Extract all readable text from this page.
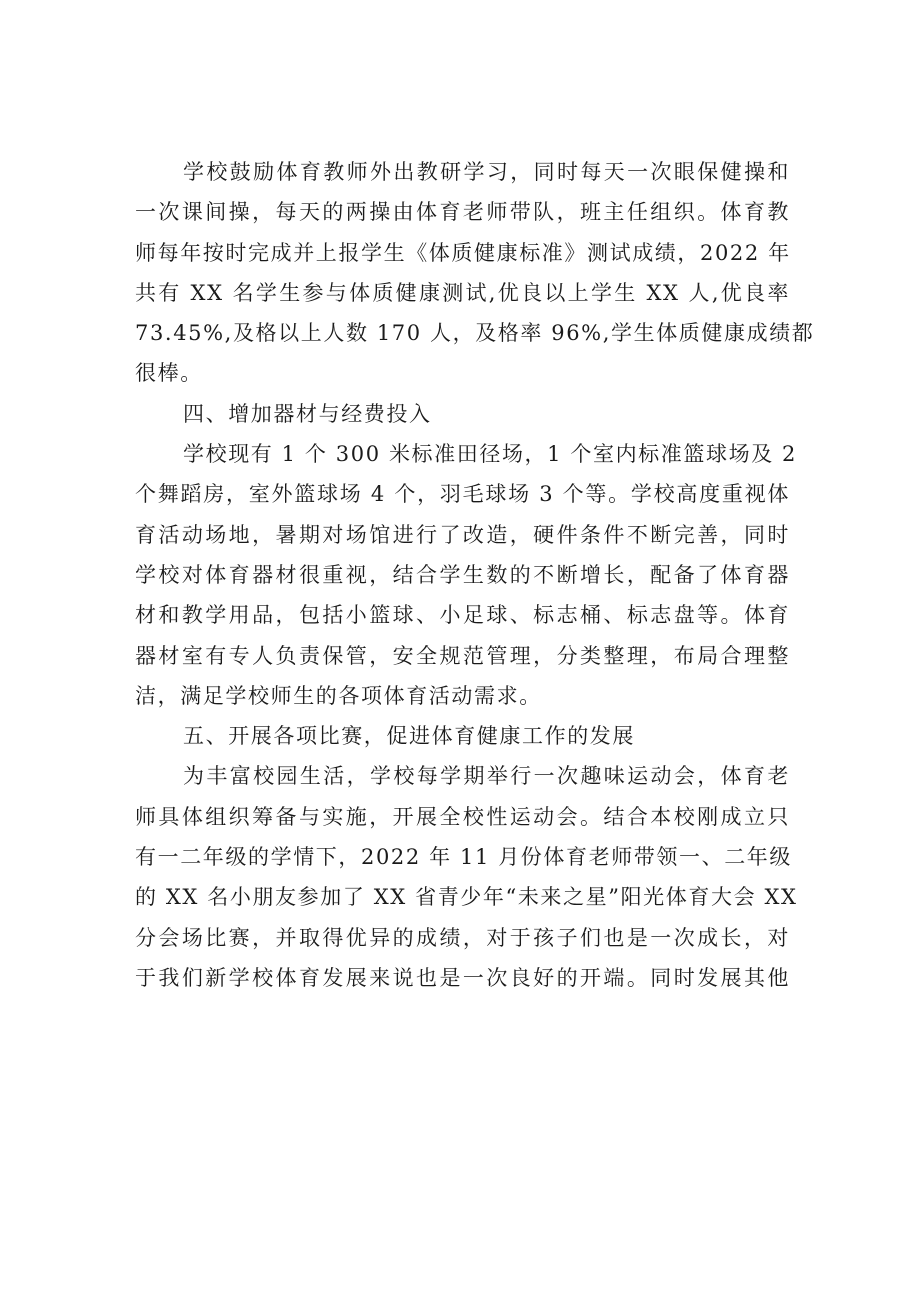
学校鼓励体育教师外出教研学习，同时每天一次眼保健操和
一次课间操，每天的两操由体育老师带队，班主任组织。体育教
师每年按时完成并上报学生《体质健康标准》测试成绩，2022 年
共有 XX 名学生参与体质健康测试,优良以上学生 XX 人,优良率
73.45%,及格以上人数 170 人，及格率 96%,学生体质健康成绩都
很棒。
四、增加器材与经费投入
学校现有 1 个 300 米标准田径场，1 个室内标准篮球场及 2
个舞蹈房，室外篮球场 4 个，羽毛球场 3 个等。学校高度重视体
育活动场地，暑期对场馆进行了改造，硬件条件不断完善，同时
学校对体育器材很重视，结合学生数的不断增长，配备了体育器
材和教学用品，包括小篮球、小足球、标志桶、标志盘等。体育
器材室有专人负责保管，安全规范管理，分类整理，布局合理整
洁，满足学校师生的各项体育活动需求。
五、开展各项比赛，促进体育健康工作的发展
为丰富校园生活，学校每学期举行一次趣味运动会，体育老
师具体组织筹备与实施，开展全校性运动会。结合本校刚成立只
有一二年级的学情下，2022 年 11 月份体育老师带领一、二年级
的 XX 名小朋友参加了 XX 省青少年“未来之星”阳光体育大会 XX
分会场比赛，并取得优异的成绩，对于孩子们也是一次成长，对
于我们新学校体育发展来说也是一次良好的开端。同时发展其他
